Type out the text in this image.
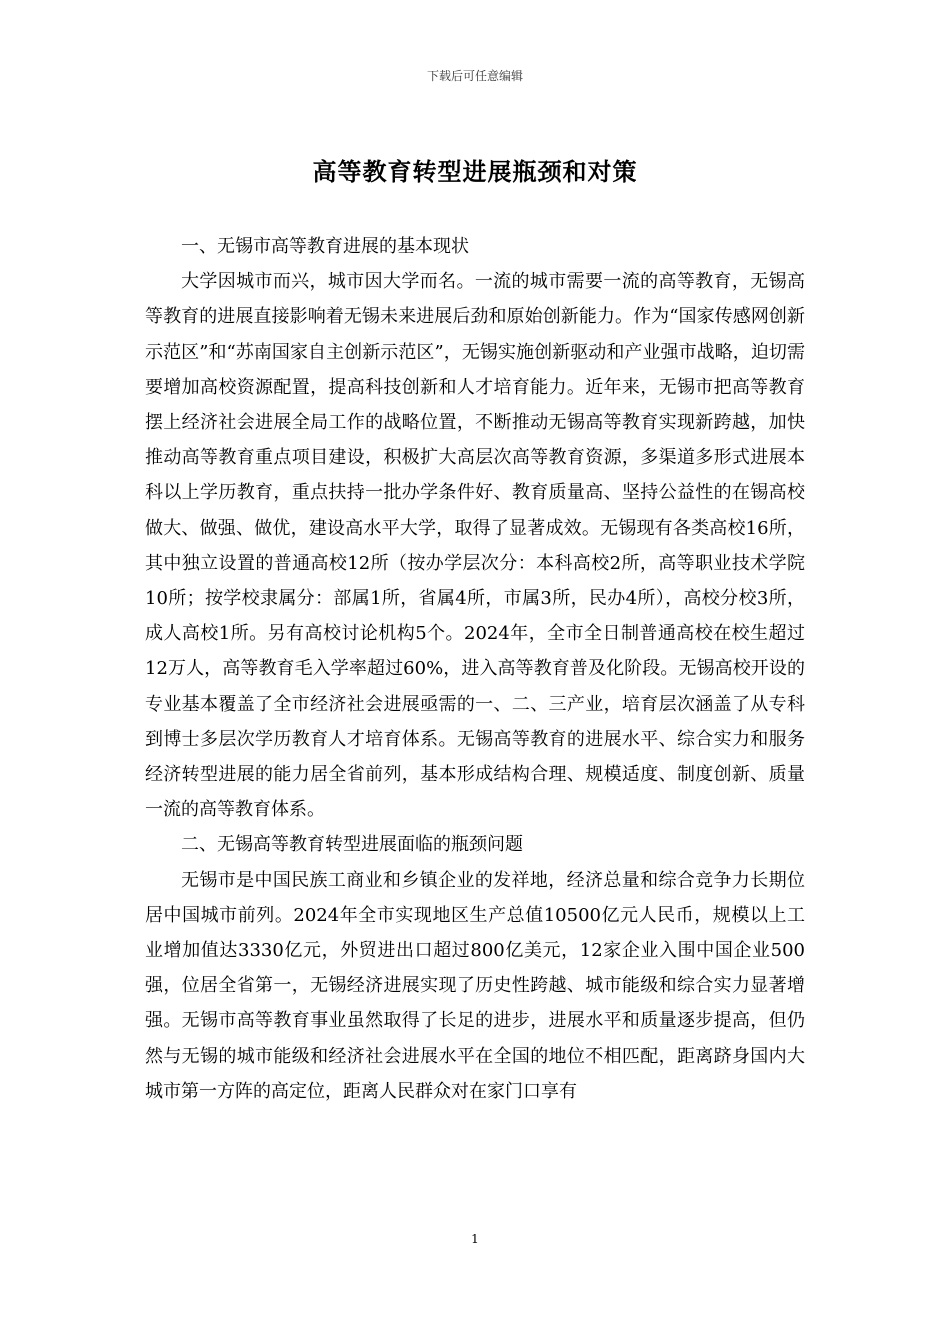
下载后可任意编辑
高等教育转型进展瓶颈和对策

一、无锡市高等教育进展的基本现状

大学因城市而兴，城市因大学而名。一流的城市需要一流的高等教育，无锡高等教育的进展直接影响着无锡未来进展后劲和原始创新能力。作为“国家传感网创新示范区”和“苏南国家自主创新示范区”，无锡实施创新驱动和产业强市战略，迫切需要增加高校资源配置，提高科技创新和人才培育能力。近年来，无锡市把高等教育摆上经济社会进展全局工作的战略位置，不断推动无锡高等教育实现新跨越，加快推动高等教育重点项目建设，积极扩大高层次高等教育资源，多渠道多形式进展本科以上学历教育，重点扶持一批办学条件好、教育质量高、坚持公益性的在锡高校做大、做强、做优，建设高水平大学，取得了显著成效。无锡现有各类高校16所，其中独立设置的普通高校12所（按办学层次分：本科高校2所，高等职业技术学院10所；按学校隶属分：部属1所，省属4所，市属3所，民办4所），高校分校3所，成人高校1所。另有高校讨论机构5个。2024年，全市全日制普通高校在校生超过12万人，高等教育毛入学率超过60%，进入高等教育普及化阶段。无锡高校开设的专业基本覆盖了全市经济社会进展亟需的一、二、三产业，培育层次涵盖了从专科到博士多层次学历教育人才培育体系。无锡高等教育的进展水平、综合实力和服务经济转型进展的能力居全省前列，基本形成结构合理、规模适度、制度创新、质量一流的高等教育体系。

二、无锡高等教育转型进展面临的瓶颈问题

无锡市是中国民族工商业和乡镇企业的发祥地，经济总量和综合竞争力长期位居中国城市前列。2024年全市实现地区生产总值10500亿元人民币，规模以上工业增加值达3330亿元，外贸进出口超过800亿美元，12家企业入围中国企业500强，位居全省第一，无锡经济进展实现了历史性跨越、城市能级和综合实力显著增强。无锡市高等教育事业虽然取得了长足的进步，进展水平和质量逐步提高，但仍然与无锡的城市能级和经济社会进展水平在全国的地位不相匹配，距离跻身国内大城市第一方阵的高定位，距离人民群众对在家门口享有

1
